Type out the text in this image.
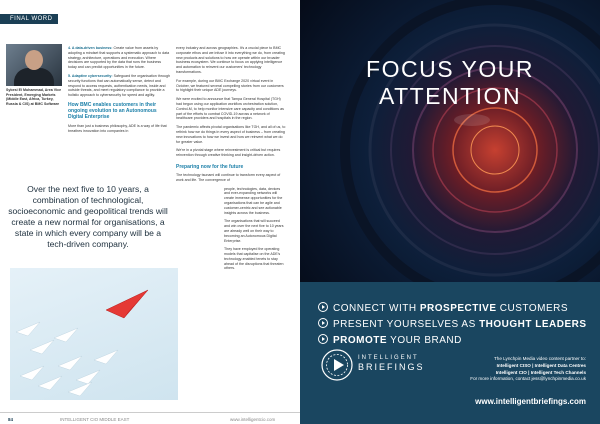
FINAL WORD
Sybesi El Muhammad, Area Vice President, Emerging Markets (Middle East, Africa, Turkey, Russia & CIS) at BMC Software

4. A data-driven business: Create value from assets by adopting a mindset that supports a systematic approach to data strategy, architecture, operations and execution. Where decisions are supported by the data that runs the business today and can predict opportunities in the future.

5. Adaptive cybersecurity: Safeguard the organisation through security functions that can automatically sense, detect and respond to access requests, authentication needs, inside and outside threats, and meet regulatory compliance to provide a holistic approach to cybersecurity for speed and agility.

How BMC enables customers in their ongoing evolution to an Autonomous Digital Enterprise

More than just a business philosophy, ADE is a way of life that breathes innovation into companies in

every industry and across geographies. It's a crucial piece to BMC corporate ethos and we infuse it into everything we do, from creating new products and solutions to how we operate within our broader business ecosystem. We continue to focus on applying intelligence and automation to reinvent our customers' technology transformations.

For example, during our BMC Exchange 2020 virtual event in October, we featured several compelling stories from our customers to highlight their unique ADE journeys.

We were excited to announce that Tampa General Hospital (TGH) had begun using our application workflow orchestration solution, Control-M, to help monitor intensive care capacity and conditions as part of the efforts to combat COVID-19 across a network of healthcare providers and hospitals in the region.

The pandemic affects pivotal organisations like TGH, and all of us, to rethink how we do things in every aspect of business – from creating new innovations to how we invest and how we reinvent what we do for greater value.

We're in a pivotal stage where reinvestment is critical but requires reinvention through creative thinking and insight-driven action.

Preparing now for the future

The technology tsunami will continue to transform every aspect of work and life. The convergence of

people, technologies, data, devices and ever-expanding networks will create immense opportunities for the organisations that can be agile and customer-centric and see actionable insights across the business.

The organisations that will succeed and win over the next five to 10 years are already well on their way to becoming an Autonomous Digital Enterprise.

They have employed the operating models that capitalise on the ADE's technology-enabled tenets to stay ahead of the disruptions that threaten others.

Over the next five to 10 years, a combination of technological, socioeconomic and geopolitical trends will create a new normal for organisations, a state in which every company will be a tech-driven company.
84	INTELLIGENT CIO MIDDLE EAST	www.intelligentcio.com
FOCUS YOUR
ATTENTION
CONNECT WITH PROSPECTIVE CUSTOMERS
PRESENT YOURSELVES AS THOUGHT LEADERS
PROMOTE YOUR BRAND
INTELLIGENT
BRIEFINGS
The Lynchpin Media video content partner to:
Intelligent CISO | Intelligent Data Centres
Intelligent CIO | Intelligent Tech Channels
For more information, contact jess@lynchpinmedia.co.uk
www.intelligentbriefings.com
